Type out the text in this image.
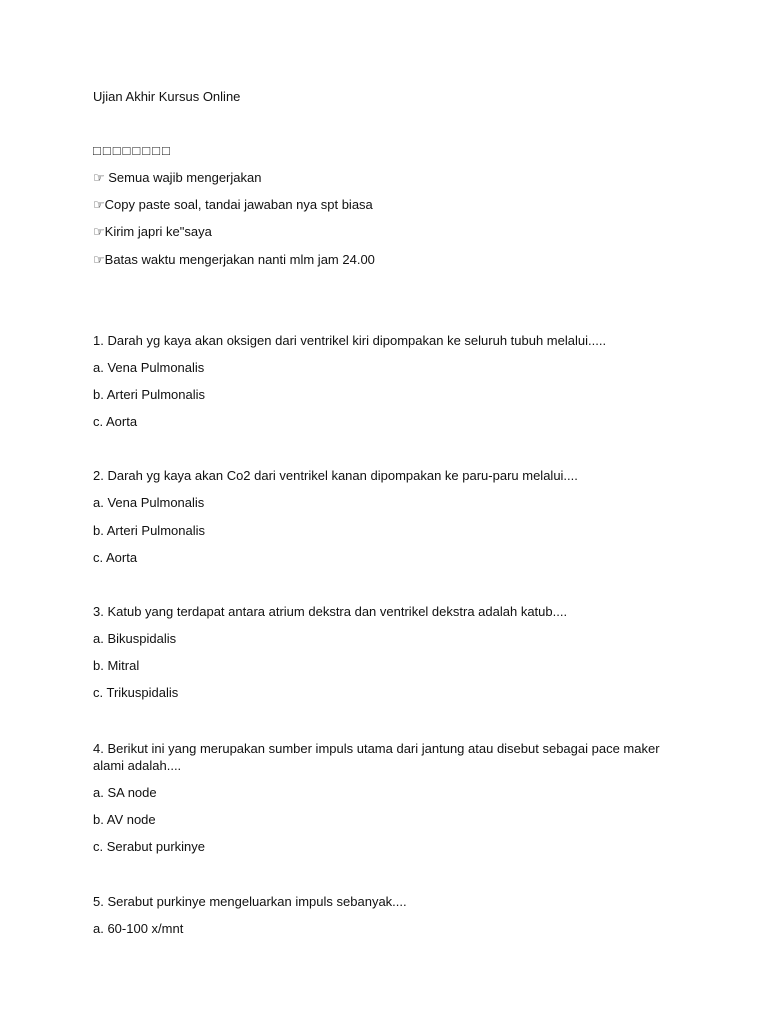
Ujian Akhir Kursus Online
□□□□□□□□
☞ Semua wajib mengerjakan
☞Copy paste soal, tandai jawaban nya spt biasa
☞Kirim japri ke"saya
☞Batas waktu mengerjakan nanti mlm jam 24.00
1. Darah yg kaya akan oksigen dari ventrikel kiri dipompakan ke seluruh tubuh melalui.....
a. Vena Pulmonalis
b. Arteri Pulmonalis
c. Aorta
2. Darah yg kaya akan Co2 dari ventrikel kanan dipompakan ke paru-paru melalui....
a. Vena Pulmonalis
b. Arteri Pulmonalis
c. Aorta
3. Katub yang terdapat antara atrium dekstra dan ventrikel dekstra adalah katub....
a. Bikuspidalis
b. Mitral
c. Trikuspidalis
4. Berikut ini yang merupakan sumber impuls utama dari jantung atau disebut sebagai pace maker alami adalah....
a. SA node
b. AV node
c. Serabut purkinye
5. Serabut purkinye mengeluarkan impuls sebanyak....
a. 60-100 x/mnt
